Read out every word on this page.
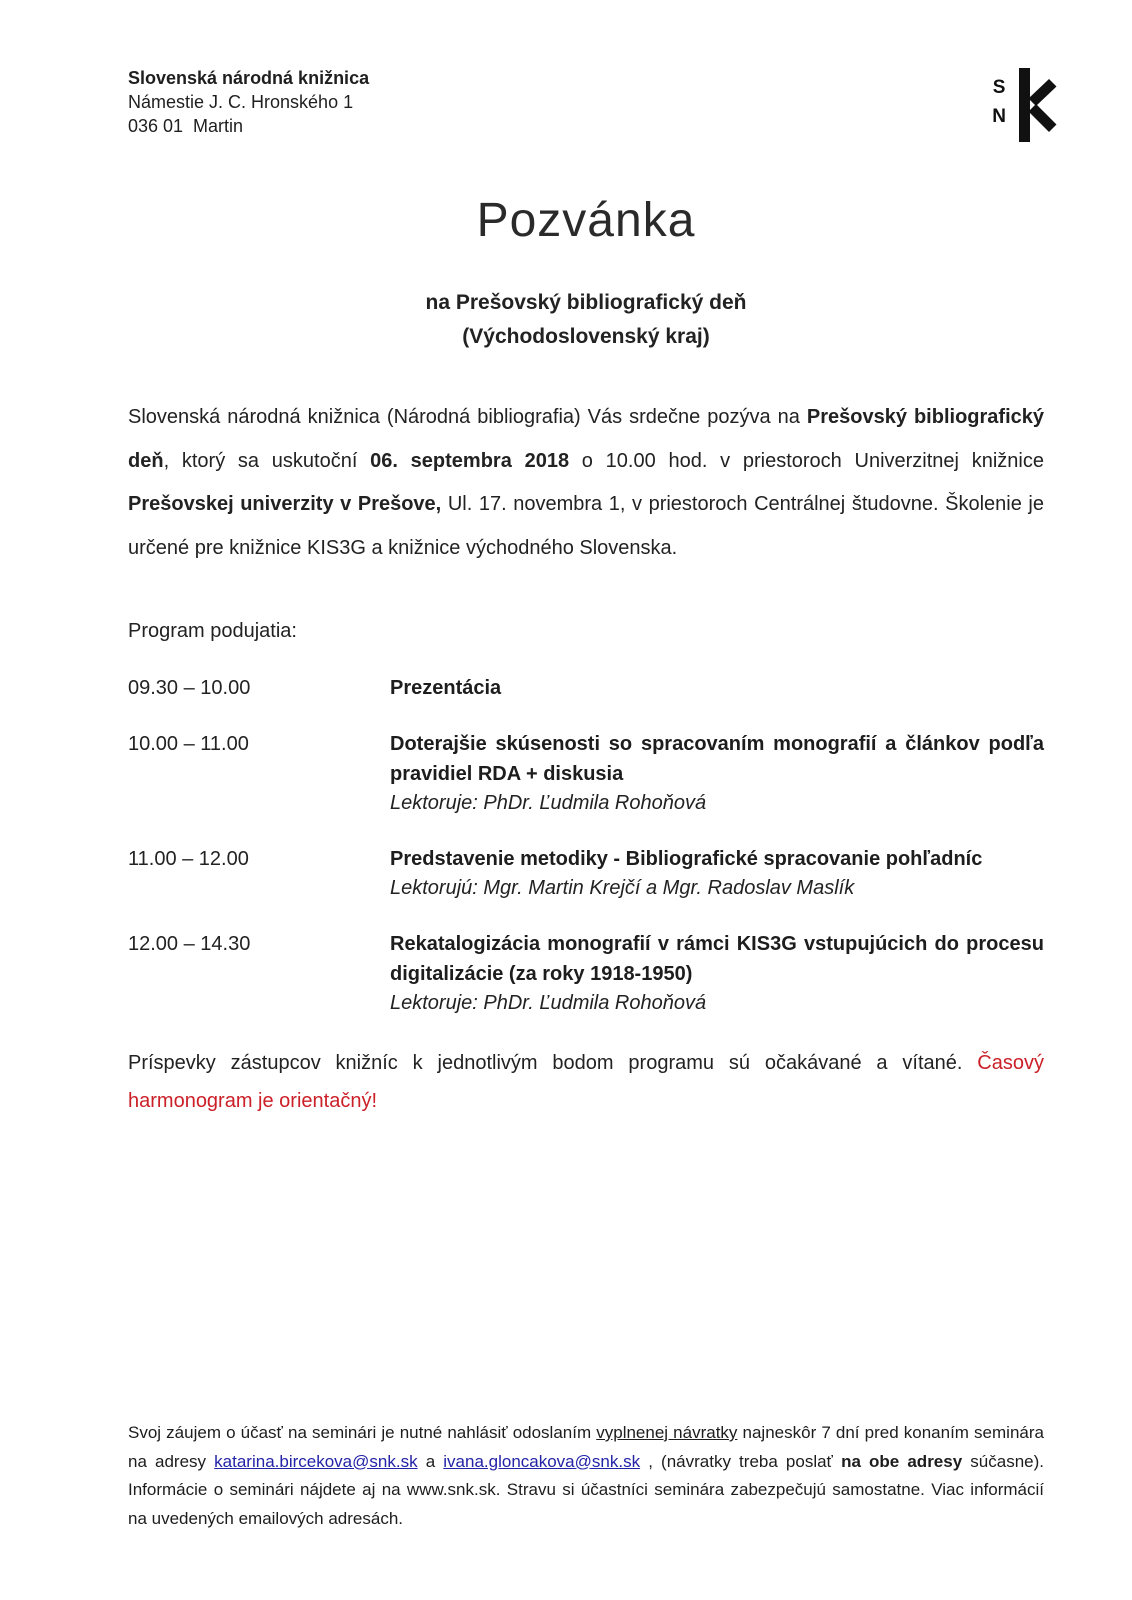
Slovenská národná knižnica
Námestie J. C. Hronského 1
036 01  Martin
S
N
Pozvánka
na Prešovský bibliografický deň
(Východoslovenský kraj)

Slovenská národná knižnica (Národná bibliografia) Vás srdečne pozýva na Prešovský bibliografický deň, ktorý sa uskutoční 06. septembra 2018 o 10.00 hod. v priestoroch Univerzitnej knižnice Prešovskej univerzity v Prešove, Ul. 17. novembra 1, v priestoroch Centrálnej študovne. Školenie je určené pre knižnice KIS3G a knižnice východného Slovenska.

Program podujatia:
09.30 – 10.00	Prezentácia
10.00 – 11.00	Doterajšie skúsenosti so spracovaním monografií a článkov podľa pravidiel RDA + diskusia
Lektoruje: PhDr. Ľudmila Rohoňová
11.00 – 12.00	Predstavenie metodiky - Bibliografické spracovanie pohľadníc
Lektorujú: Mgr. Martin Krejčí a Mgr. Radoslav Maslík
12.00 – 14.30	Rekatalogizácia monografií v rámci KIS3G vstupujúcich do procesu digitalizácie (za roky 1918-1950)
Lektoruje: PhDr. Ľudmila Rohoňová

Príspevky zástupcov knižníc k jednotlivým bodom programu sú očakávané a vítané. Časový harmonogram je orientačný!

Svoj záujem o účasť na seminári je nutné nahlásiť odoslaním vyplnenej návratky najneskôr 7 dní pred konaním seminára na adresy katarina.bircekova@snk.sk a ivana.gloncakova@snk.sk , (návratky treba poslať na obe adresy súčasne). Informácie o seminári nájdete aj na www.snk.sk. Stravu si účastníci seminára zabezpečujú samostatne. Viac informácií na uvedených emailových adresách.
